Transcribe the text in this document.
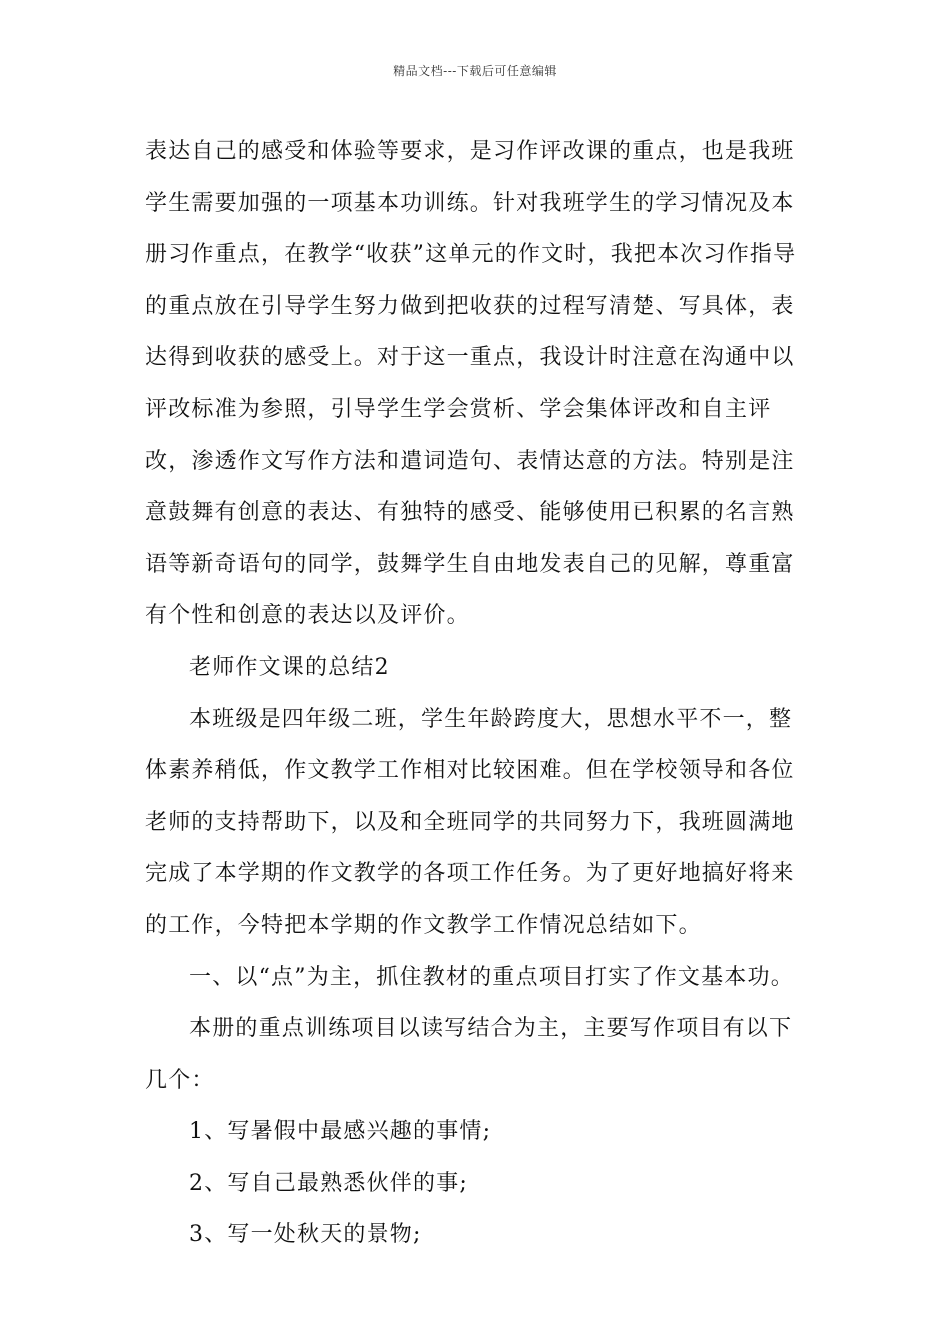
精品文档---下载后可任意编辑

表达自己的感受和体验等要求，是习作评改课的重点，也是我班学生需要加强的一项基本功训练。针对我班学生的学习情况及本册习作重点，在教学“收获”这单元的作文时，我把本次习作指导的重点放在引导学生努力做到把收获的过程写清楚、写具体，表达得到收获的感受上。对于这一重点，我设计时注意在沟通中以评改标准为参照，引导学生学会赏析、学会集体评改和自主评改，渗透作文写作方法和遣词造句、表情达意的方法。特别是注意鼓舞有创意的表达、有独特的感受、能够使用已积累的名言熟语等新奇语句的同学，鼓舞学生自由地发表自己的见解，尊重富有个性和创意的表达以及评价。

老师作文课的总结2

本班级是四年级二班，学生年龄跨度大，思想水平不一，整体素养稍低，作文教学工作相对比较困难。但在学校领导和各位老师的支持帮助下，以及和全班同学的共同努力下，我班圆满地完成了本学期的作文教学的各项工作任务。为了更好地搞好将来的工作，今特把本学期的作文教学工作情况总结如下。

一、以“点”为主，抓住教材的重点项目打实了作文基本功。

本册的重点训练项目以读写结合为主，主要写作项目有以下几个：

1、写暑假中最感兴趣的事情;

2、写自己最熟悉伙伴的事;

3、写一处秋天的景物;
